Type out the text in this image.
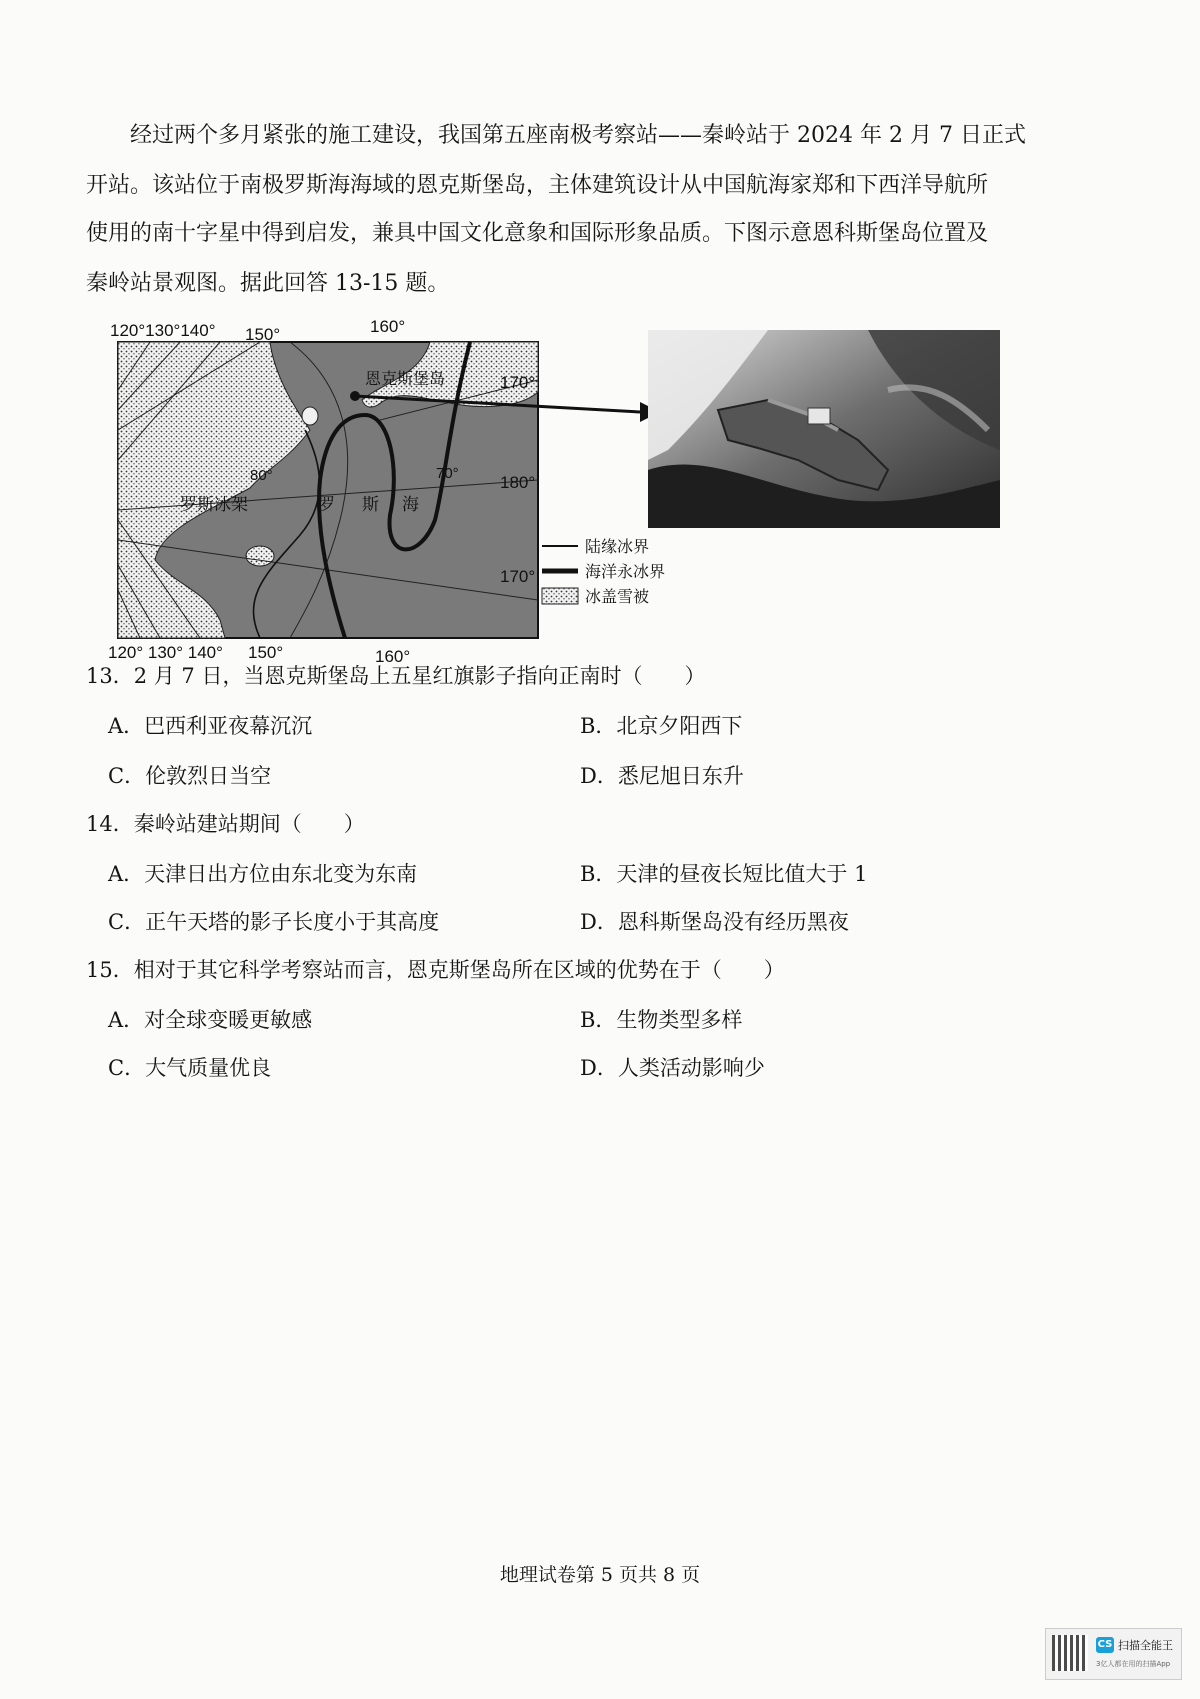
经过两个多月紧张的施工建设，我国第五座南极考察站——秦岭站于 2024 年 2 月 7 日正式
开站。该站位于南极罗斯海海域的恩克斯堡岛，主体建筑设计从中国航海家郑和下西洋导航所
使用的南十字星中得到启发，兼具中国文化意象和国际形象品质。下图示意恩科斯堡岛位置及
秦岭站景观图。据此回答 13-15 题。
120°130°140° 150°	160°
120° 130° 140° 150°	160°
170°
180°
170°
80°	70°
恩克斯堡岛
罗斯冰架	罗 斯 海
陆缘冰界
海洋永冰界
冰盖雪被
13．2 月 7 日，当恩克斯堡岛上五星红旗影子指向正南时（　　）
A．巴西利亚夜幕沉沉	B．北京夕阳西下
C．伦敦烈日当空	D．悉尼旭日东升
14．秦岭站建站期间（　　）
A．天津日出方位由东北变为东南	B．天津的昼夜长短比值大于 1
C．正午天塔的影子长度小于其高度	D．恩科斯堡岛没有经历黑夜
15．相对于其它科学考察站而言，恩克斯堡岛所在区域的优势在于（　　）
A．对全球变暖更敏感	B．生物类型多样
C．大气质量优良	D．人类活动影响少
地理试卷第 5 页共 8 页
CS 扫描全能王
3亿人都在用的扫描App
